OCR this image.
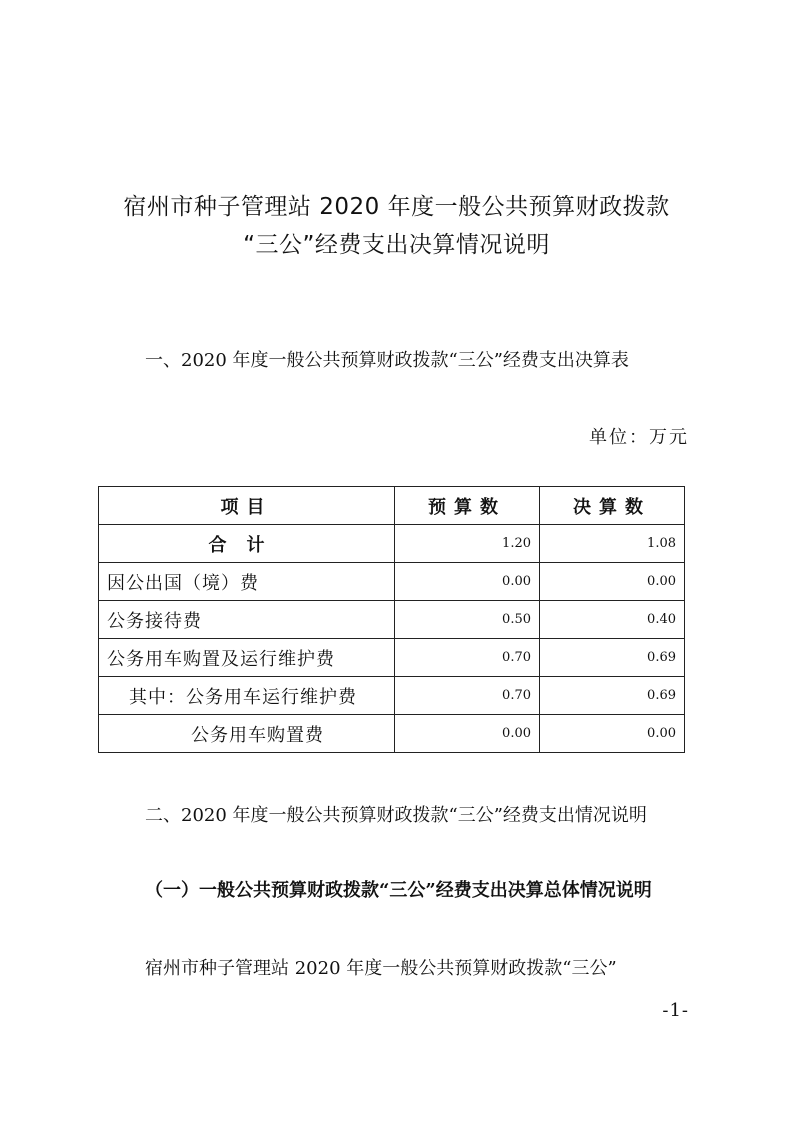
宿州市种子管理站 2020 年度一般公共预算财政拨款
“三公”经费支出决算情况说明
一、2020 年度一般公共预算财政拨款“三公”经费支出决算表
单位：万元
项目	预算数	决算数
合计	1.20	1.08
因公出国（境）费	0.00	0.00
公务接待费	0.50	0.40
公务用车购置及运行维护费	0.70	0.69
其中：公务用车运行维护费	0.70	0.69
公务用车购置费	0.00	0.00
二、2020 年度一般公共预算财政拨款“三公”经费支出情况说明
（一）一般公共预算财政拨款“三公”经费支出决算总体情况说明
宿州市种子管理站 2020 年度一般公共预算财政拨款“三公”
-1-
